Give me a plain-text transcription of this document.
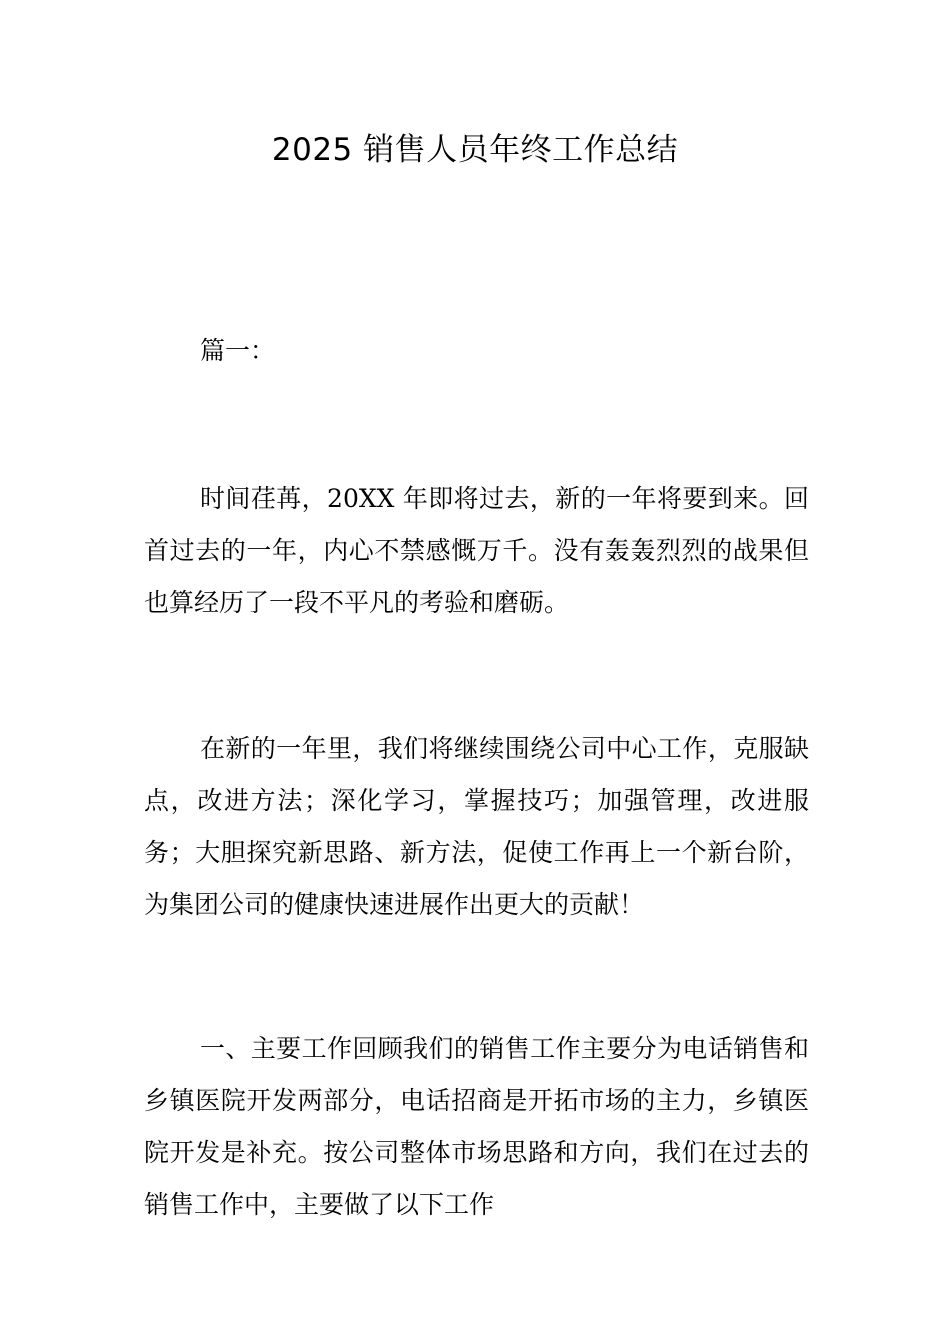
2025 销售人员年终工作总结

篇一：

时间荏苒，20XX 年即将过去，新的一年将要到来。回首过去的一年，内心不禁感慨万千。没有轰轰烈烈的战果但也算经历了一段不平凡的考验和磨砺。

在新的一年里，我们将继续围绕公司中心工作，克服缺点，改进方法；深化学习，掌握技巧；加强管理，改进服务；大胆探究新思路、新方法，促使工作再上一个新台阶，为集团公司的健康快速进展作出更大的贡献！

一、主要工作回顾我们的销售工作主要分为电话销售和乡镇医院开发两部分，电话招商是开拓市场的主力，乡镇医院开发是补充。按公司整体市场思路和方向，我们在过去的销售工作中，主要做了以下工作
